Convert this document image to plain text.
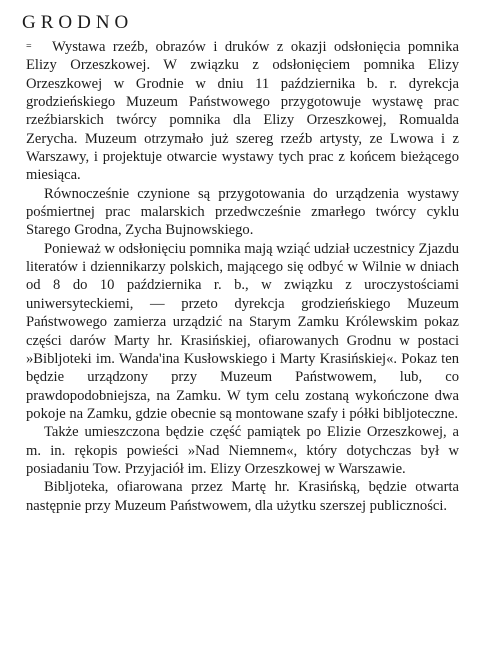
GRODNO

= Wystawa rzeźb, obrazów i druków z okazji odsłonięcia pomnika Elizy Orzeszkowej. W związku z odsłonięciem pomnika Elizy Orzeszkowej w Grodnie w dniu 11 października b. r. dyrekcja grodzieńskiego Muzeum Państwowego przygotowuje wystawę prac rzeźbiarskich twórcy pomnika dla Elizy Orzeszkowej, Romualda Zerycha. Muzeum otrzymało już szereg rzeźb artysty, ze Lwowa i z Warszawy, i projektuje otwarcie wystawy tych prac z końcem bieżącego miesiąca.

Równocześnie czynione są przygotowania do urządzenia wystawy pośmiertnej prac malarskich przedwcześnie zmarłego twórcy cyklu Starego Grodna, Zycha Bujnowskiego.

Ponieważ w odsłonięciu pomnika mają wziąć udział uczestnicy Zjazdu literatów i dziennikarzy polskich, mającego się odbyć w Wilnie w dniach od 8 do 10 października r. b., w związku z uroczystościami uniwersyteckiemi, — przeto dyrekcja grodzieńskiego Muzeum Państwowego zamierza urządzić na Starym Zamku Królewskim pokaz części darów Marty hr. Krasińskiej, ofiarowanych Grodnu w postaci »Bibljoteki im. Wanda'ina Kusłowskiego i Marty Krasińskiej«. Pokaz ten będzie urządzony przy Muzeum Państwowem, lub, co prawdopodobniejsza, na Zamku. W tym celu zostaną wykończone dwa pokoje na Zamku, gdzie obecnie są montowane szafy i półki bibljoteczne.

Także umieszczona będzie część pamiątek po Elizie Orzeszkowej, a m. in. rękopis powieści »Nad Niemnem«, który dotychczas był w posiadaniu Tow. Przyjaciół im. Elizy Orzeszkowej w Warszawie.

Bibljoteka, ofiarowana przez Martę hr. Krasińską, będzie otwarta następnie przy Muzeum Państwowem, dla użytku szerszej publiczności.
